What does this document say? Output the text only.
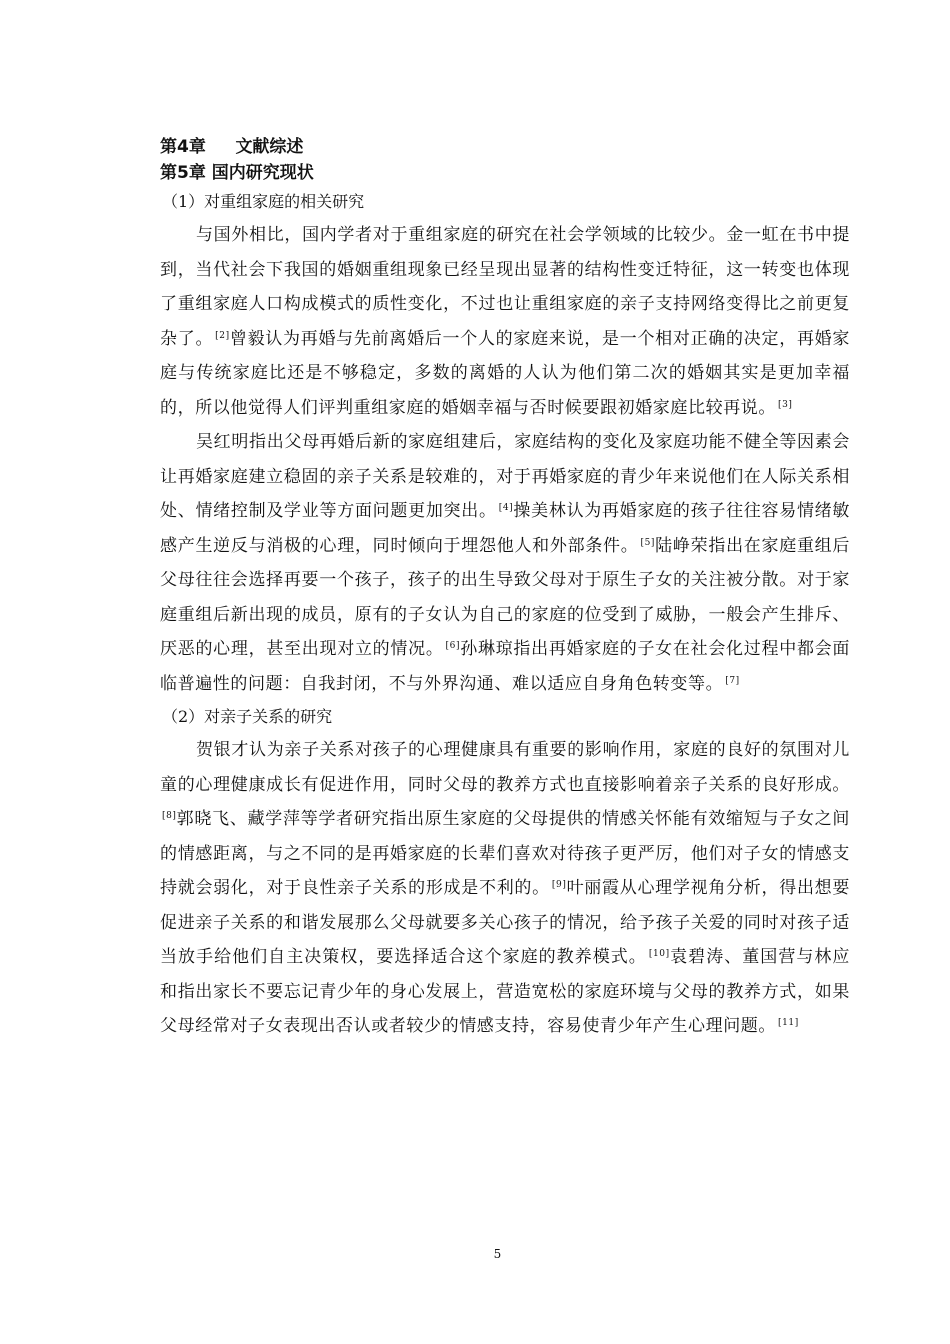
第4章 文献综述

第5章 国内研究现状

（1）对重组家庭的相关研究

与国外相比，国内学者对于重组家庭的研究在社会学领域的比较少。金一虹在书中提到，当代社会下我国的婚姻重组现象已经呈现出显著的结构性变迁特征，这一转变也体现了重组家庭人口构成模式的质性变化，不过也让重组家庭的亲子支持网络变得比之前更复杂了。 [2]曾毅认为再婚与先前离婚后一个人的家庭来说，是一个相对正确的决定，再婚家庭与传统家庭比还是不够稳定，多数的离婚的人认为他们第二次的婚姻其实是更加幸福的，所以他觉得人们评判重组家庭的婚姻幸福与否时候要跟初婚家庭比较再说。 [3]

吴红明指出父母再婚后新的家庭组建后，家庭结构的变化及家庭功能不健全等因素会让再婚家庭建立稳固的亲子关系是较难的，对于再婚家庭的青少年来说他们在人际关系相处、情绪控制及学业等方面问题更加突出。 [4]操美林认为再婚家庭的孩子往往容易情绪敏感产生逆反与消极的心理，同时倾向于埋怨他人和外部条件。 [5]陆峥荣指出在家庭重组后父母往往会选择再要一个孩子，孩子的出生导致父母对于原生子女的关注被分散。对于家庭重组后新出现的成员，原有的子女认为自己的家庭的位受到了威胁，一般会产生排斥、厌恶的心理，甚至出现对立的情况。 [6]孙琳琼指出再婚家庭的子女在社会化过程中都会面临普遍性的问题：自我封闭，不与外界沟通、难以适应自身角色转变等。 [7]

（2）对亲子关系的研究

贺银才认为亲子关系对孩子的心理健康具有重要的影响作用，家庭的良好的氛围对儿童的心理健康成长有促进作用，同时父母的教养方式也直接影响着亲子关系的良好形成。[8]郭晓飞、藏学萍等学者研究指出原生家庭的父母提供的情感关怀能有效缩短与子女之间的情感距离，与之不同的是再婚家庭的长辈们喜欢对待孩子更严厉，他们对子女的情感支持就会弱化，对于良性亲子关系的形成是不利的。 [9]叶丽霞从心理学视角分析，得出想要促进亲子关系的和谐发展那么父母就要多关心孩子的情况，给予孩子关爱的同时对孩子适当放手给他们自主决策权，要选择适合这个家庭的教养模式。 [10]袁碧涛、董国营与林应和指出家长不要忘记青少年的身心发展上，营造宽松的家庭环境与父母的教养方式，如果父母经常对子女表现出否认或者较少的情感支持，容易使青少年产生心理问题。 [11]

5
